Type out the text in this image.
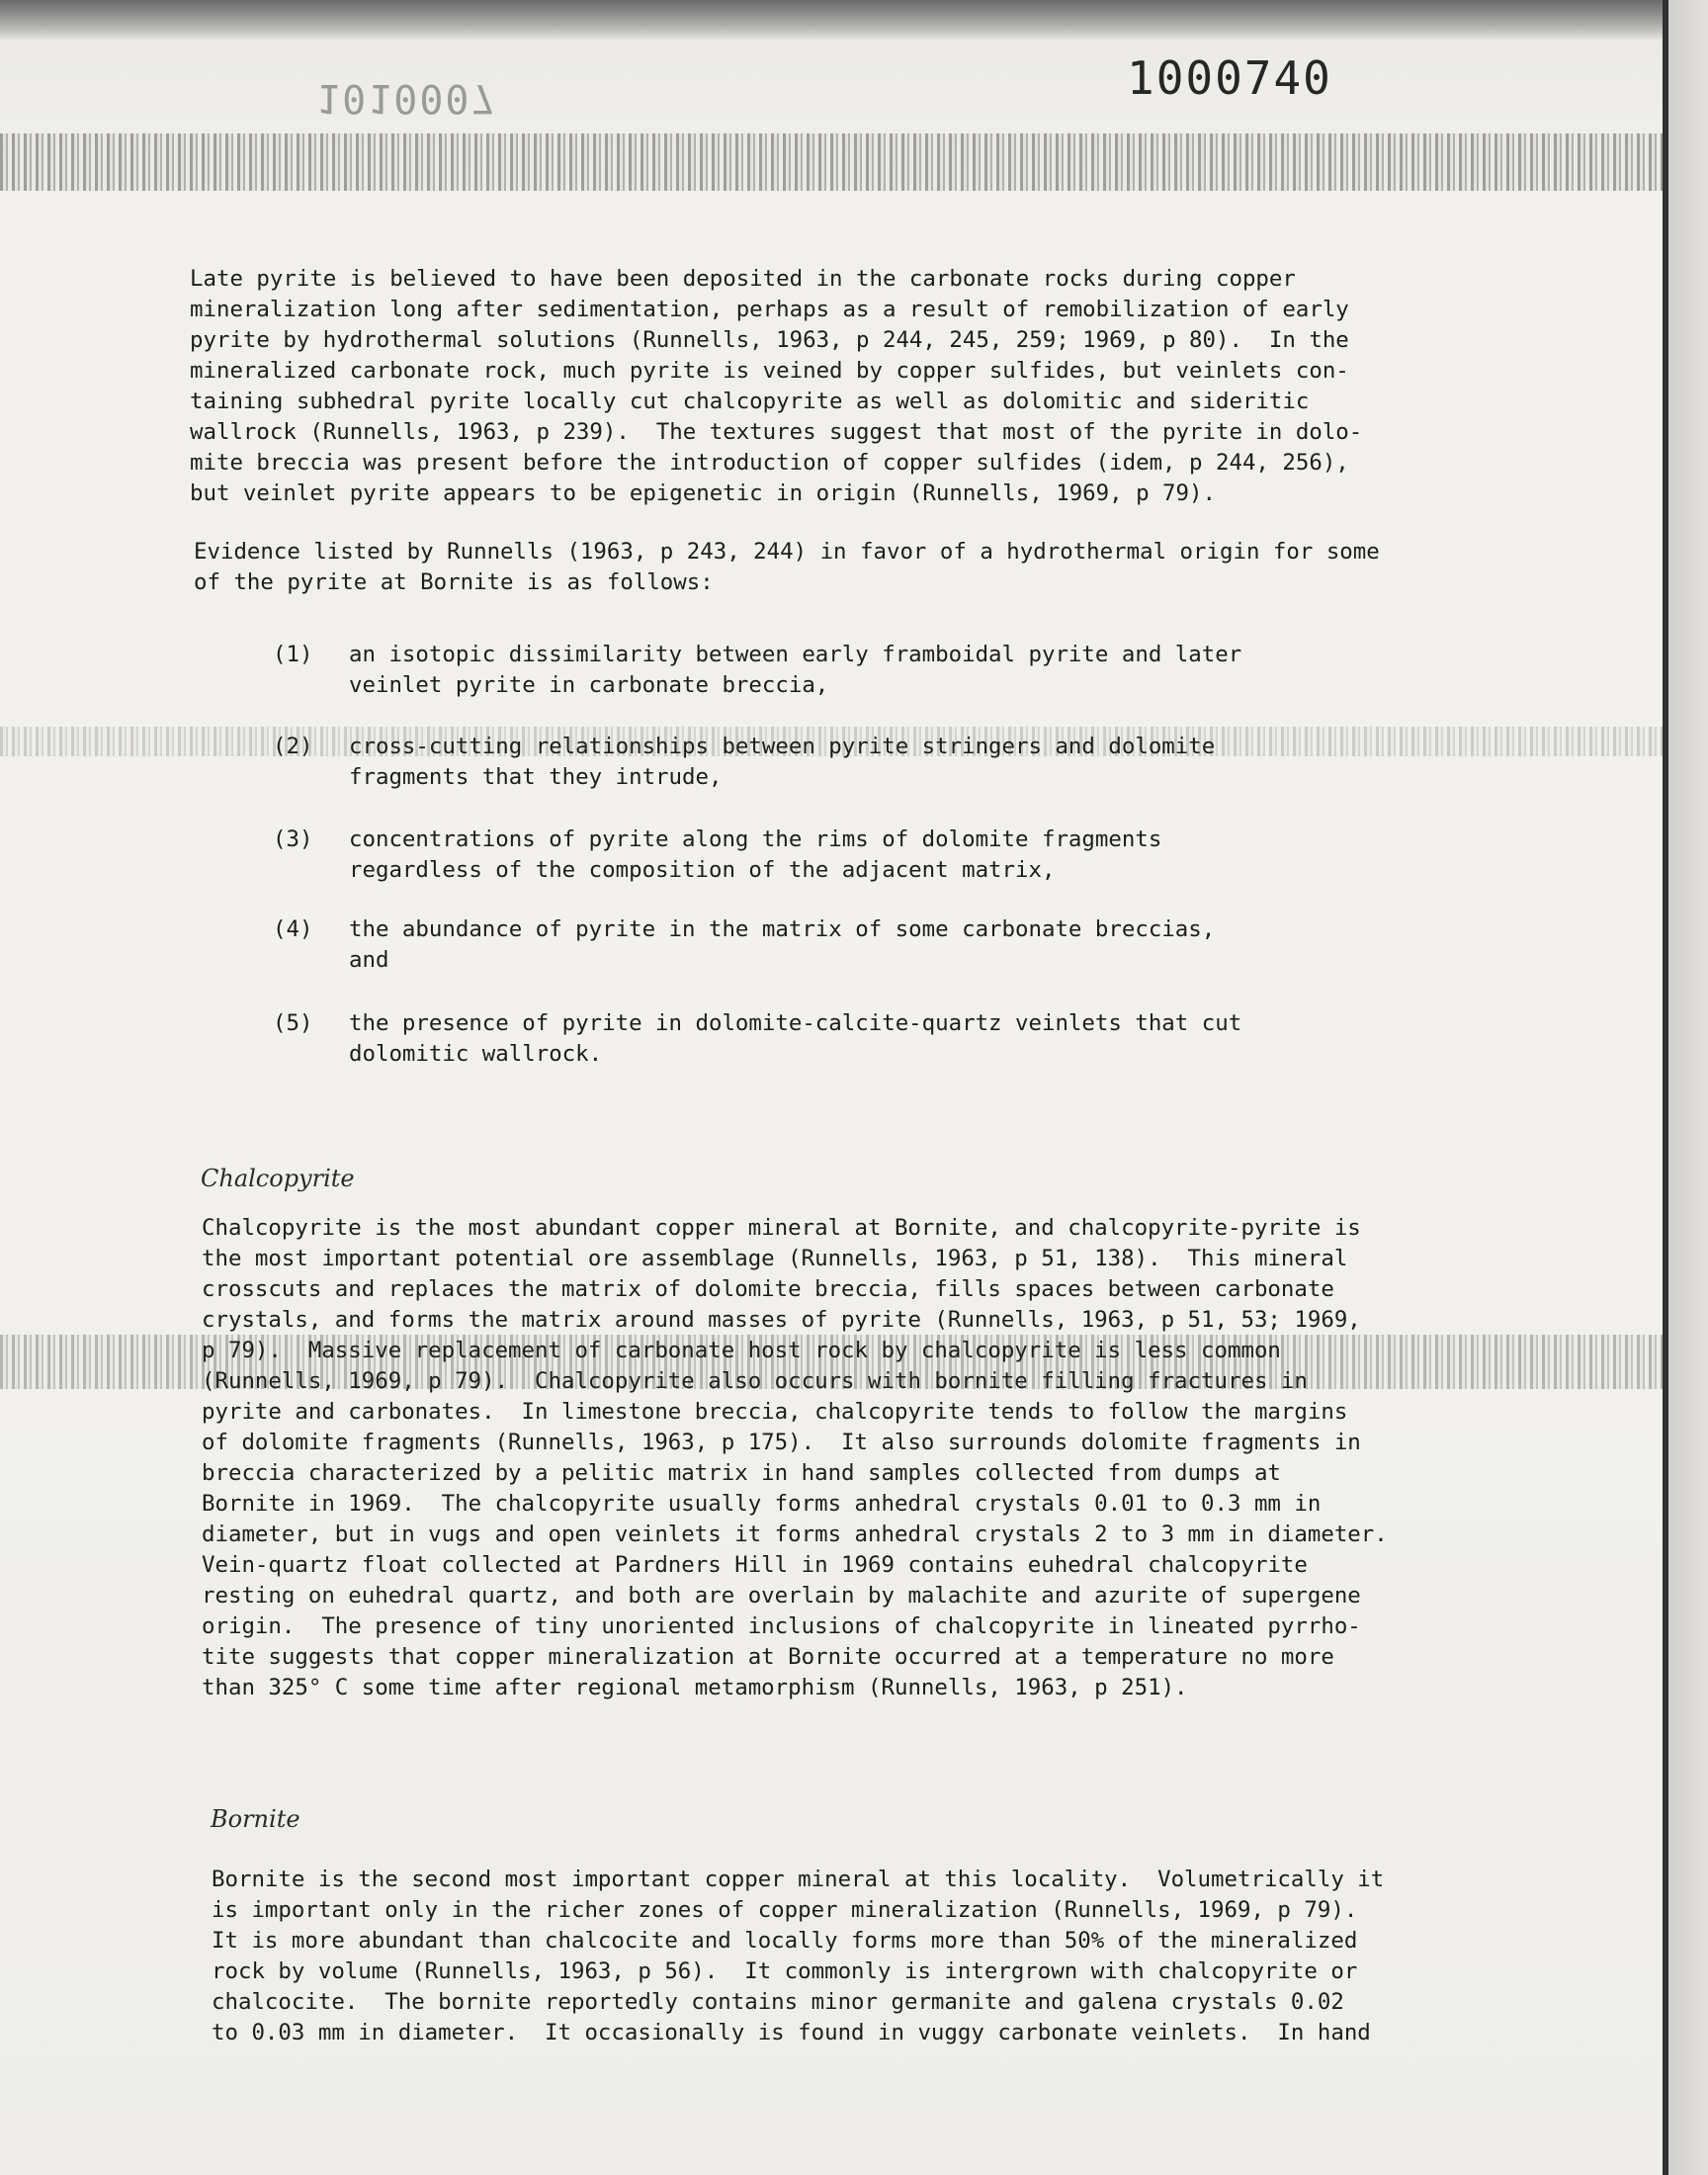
1010007	1000740
Late pyrite is believed to have been deposited in the carbonate rocks during copper
mineralization long after sedimentation, perhaps as a result of remobilization of early
pyrite by hydrothermal solutions (Runnells, 1963, p 244, 245, 259; 1969, p 80).  In the
mineralized carbonate rock, much pyrite is veined by copper sulfides, but veinlets con-
taining subhedral pyrite locally cut chalcopyrite as well as dolomitic and sideritic
wallrock (Runnells, 1963, p 239).  The textures suggest that most of the pyrite in dolo-
mite breccia was present before the introduction of copper sulfides (idem, p 244, 256),
but veinlet pyrite appears to be epigenetic in origin (Runnells, 1969, p 79).
Evidence listed by Runnells (1963, p 243, 244) in favor of a hydrothermal origin for some
of the pyrite at Bornite is as follows:
(1) an isotopic dissimilarity between early framboidal pyrite and later
veinlet pyrite in carbonate breccia,
(2) cross-cutting relationships between pyrite stringers and dolomite
fragments that they intrude,
(3) concentrations of pyrite along the rims of dolomite fragments
regardless of the composition of the adjacent matrix,
(4) the abundance of pyrite in the matrix of some carbonate breccias,
and
(5) the presence of pyrite in dolomite-calcite-quartz veinlets that cut
dolomitic wallrock.
Chalcopyrite
Chalcopyrite is the most abundant copper mineral at Bornite, and chalcopyrite-pyrite is
the most important potential ore assemblage (Runnells, 1963, p 51, 138).  This mineral
crosscuts and replaces the matrix of dolomite breccia, fills spaces between carbonate
crystals, and forms the matrix around masses of pyrite (Runnells, 1963, p 51, 53; 1969,
p 79).  Massive replacement of carbonate host rock by chalcopyrite is less common
(Runnells, 1969, p 79).  Chalcopyrite also occurs with bornite filling fractures in
pyrite and carbonates.  In limestone breccia, chalcopyrite tends to follow the margins
of dolomite fragments (Runnells, 1963, p 175).  It also surrounds dolomite fragments in
breccia characterized by a pelitic matrix in hand samples collected from dumps at
Bornite in 1969.  The chalcopyrite usually forms anhedral crystals 0.01 to 0.3 mm in
diameter, but in vugs and open veinlets it forms anhedral crystals 2 to 3 mm in diameter.
Vein-quartz float collected at Pardners Hill in 1969 contains euhedral chalcopyrite
resting on euhedral quartz, and both are overlain by malachite and azurite of supergene
origin.  The presence of tiny unoriented inclusions of chalcopyrite in lineated pyrrho-
tite suggests that copper mineralization at Bornite occurred at a temperature no more
than 325° C some time after regional metamorphism (Runnells, 1963, p 251).
Bornite
Bornite is the second most important copper mineral at this locality.  Volumetrically it
is important only in the richer zones of copper mineralization (Runnells, 1969, p 79).
It is more abundant than chalcocite and locally forms more than 50% of the mineralized
rock by volume (Runnells, 1963, p 56).  It commonly is intergrown with chalcopyrite or
chalcocite.  The bornite reportedly contains minor germanite and galena crystals 0.02
to 0.03 mm in diameter.  It occasionally is found in vuggy carbonate veinlets.  In hand
